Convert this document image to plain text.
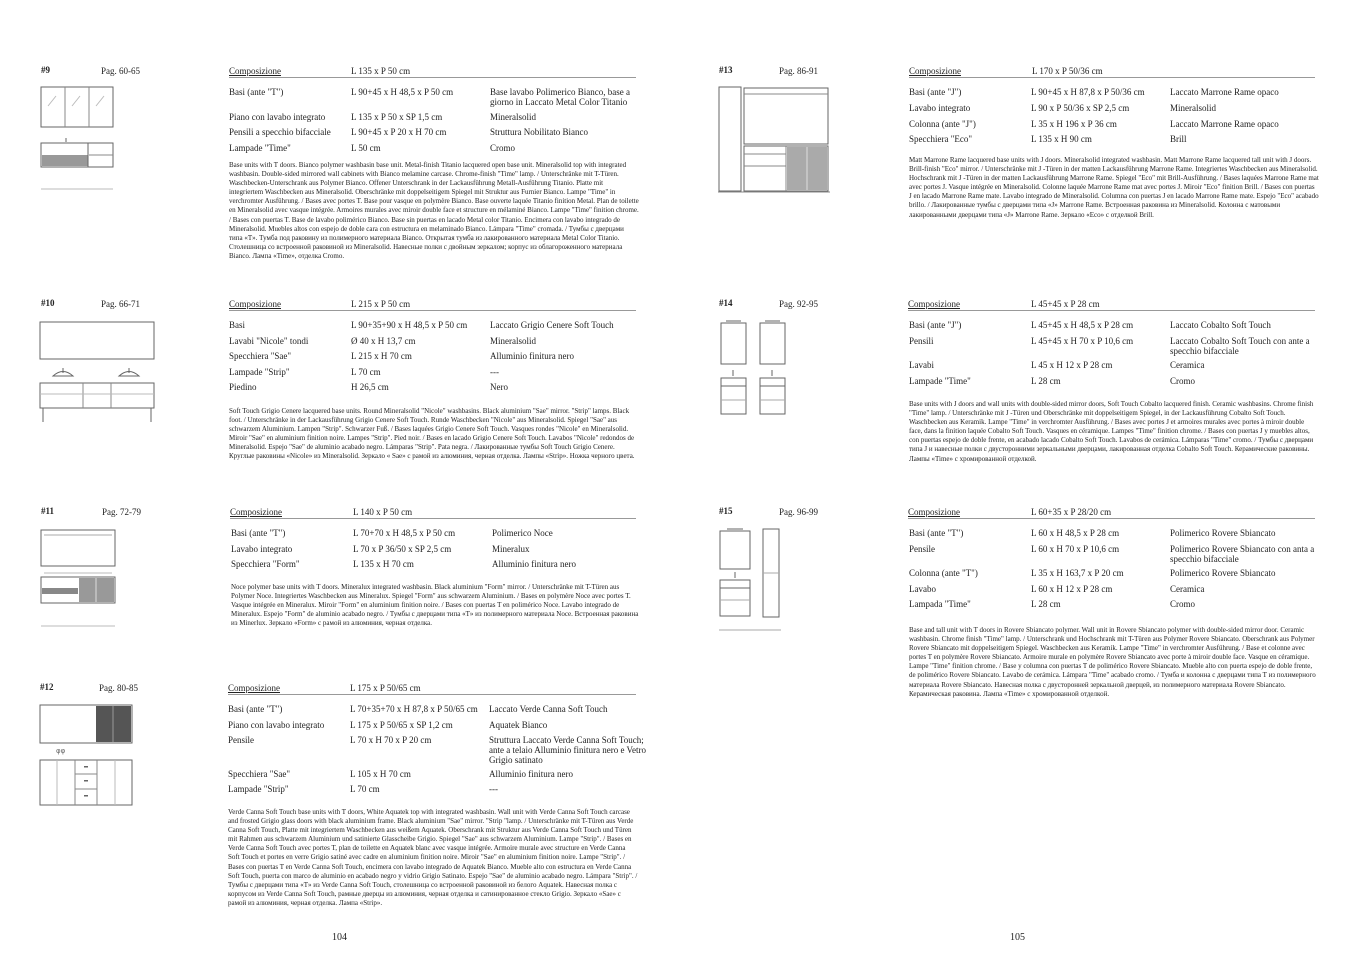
#9	Pag. 60-65	Composizione	L 135 x P 50 cm
Basi (ante "T")	L 90+45 x H 48,5 x P 50 cm	Base lavabo Polimerico Bianco, base a giorno in Laccato Metal Color Titanio
Piano con lavabo integrato	L 135 x P 50 x SP 1,5 cm	Mineralsolid
Pensili a specchio bifacciale	L 90+45 x P 20 x H 70 cm	Struttura Nobilitato Bianco
Lampade "Time"	L 50 cm	Cromo
Base units with T doors. Bianco polymer washbasin base unit. Metal-finish Titanio lacquered open base unit. Mineralsolid top with integrated washbasin. Double-sided mirrored wall cabinets with Bianco melamine carcase. Chrome-finish "Time" lamp. / Unterschränke mit T-Türen. Waschbecken-Unterschrank aus Polymer Bianco. Offener Unterschrank in der Lackausführung Metall-Ausführung Titanio. Platte mit integriertem Waschbecken aus Mineralsolid. Oberschränke mit doppelseitigem Spiegel mit Struktur aus Furnier Bianco. Lampe "Time" in verchromter Ausführung. / Bases avec portes T. Base pour vasque en polymère Bianco. Base ouverte laquée Titanio finition Metal. Plan de toilette en Mineralsolid avec vasque intégrée. Armoires murales avec miroir double face et structure en mélaminé Bianco. Lampe "Time" finition chrome. / Bases con puertas T. Base de lavabo polimérico Bianco. Base sin puertas en lacado Metal color Titanio. Encimera con lavabo integrado de Mineralsolid. Muebles altos con espejo de doble cara con estructura en melaminado Bianco. Lámpara "Time" cromada. / Тумбы с дверцами типа «T». Тумба под раковину из полимерного материала Bianco. Открытая тумба из лакированного материала Metal Color Titanio. Столешница со встроенной раковиной из Mineralsolid. Навесные полки с двойным зеркалом; корпус из облагороженного материала Bianco. Лампа «Time», отделка Cromo.
#10	Pag. 66-71	Composizione	L 215 x P 50 cm
Basi	L 90+35+90 x H 48,5 x P 50 cm	Laccato Grigio Cenere Soft Touch
Lavabi "Nicole" tondi	Ø 40 x H 13,7 cm	Mineralsolid
Specchiera "Sae"	L 215 x H 70 cm	Alluminio finitura nero
Lampade "Strip"	L 70 cm	---
Piedino	H 26,5 cm	Nero
Soft Touch Grigio Cenere lacquered base units. Round Mineralsolid "Nicole" washbasins. Black aluminium "Sae" mirror. "Strip" lamps. Black foot. / Unterschränke in der Lackausführung Grigio Cenere Soft Touch. Runde Waschbecken "Nicole" aus Mineralsolid. Spiegel "Sae" aus schwarzem Aluminium. Lampen "Strip". Schwarzer Fuß. / Bases laquées Grigio Cenere Soft Touch. Vasques rondes "Nicole" en Mineralsolid. Miroir "Sae" en aluminium finition noire. Lampes "Strip". Pied noir. / Bases en lacado Grigio Cenere Soft Touch. Lavabos "Nicole" redondos de Mineralsolid. Espejo "Sae" de aluminio acabado negro. Lámparas "Strip". Pata negra. / Лакированные тумбы Soft Touch Grigio Cenere. Круглые раковины «Nicole» из Mineralsolid. Зеркало « Sae» с рамой из алюминия, черная отделка. Лампы «Strip». Ножка черного цвета.
#11	Pag. 72-79	Composizione	L 140 x P 50 cm
Basi (ante "T")	L 70+70 x H 48,5 x P 50 cm	Polimerico Noce
Lavabo integrato	L 70 x P 36/50 x SP 2,5 cm	Mineralux
Specchiera "Form"	L 135 x H 70 cm	Alluminio finitura nero
Noce polymer base units with T doors. Mineralux integrated washbasin. Black aluminium "Form" mirror. / Unterschränke mit T-Türen aus Polymer Noce. Integriertes Waschbecken aus Mineralux. Spiegel "Form" aus schwarzem Aluminium. / Bases en polymère Noce avec portes T. Vasque intégrée en Mineralux. Miroir "Form" en aluminium finition noire. / Bases con puertas T en polimérico Noce. Lavabo integrado de Mineralux. Espejo "Form" de aluminio acabado negro. / Тумбы с дверцами типа «T» из полимерного материала Noce. Встроенная раковина из Minerlux. Зеркало «Form» с рамой из алюминия, черная отделка.
#12	Pag. 80-85	Composizione	L 175 x P 50/65 cm
Basi (ante "T")	L 70+35+70 x H 87,8 x P 50/65 cm	Laccato Verde Canna Soft Touch
Piano con lavabo integrato	L 175 x P 50/65 x SP 1,2 cm	Aquatek Bianco
Pensile	L 70 x H 70 x P 20 cm	Struttura Laccato Verde Canna Soft Touch; ante a telaio Alluminio finitura nero e Vetro Grigio satinato
Specchiera "Sae"	L 105 x H 70 cm	Alluminio finitura nero
Lampade "Strip"	L 70 cm	---
Verde Canna Soft Touch base units with T doors, White Aquatek top with integrated washbasin. Wall unit with Verde Canna Soft Touch carcase and frosted Grigio glass doors with black aluminium frame. Black aluminium "Sae" mirror. "Strip "lamp. / Unterschränke mit T-Türen aus Verde Canna Soft Touch, Platte mit integriertem Waschbecken aus weißem Aquatek. Oberschrank mit Struktur aus Verde Canna Soft Touch und Türen mit Rahmen aus schwarzem Aluminium und satinierte Glasscheibe Grigio. Spiegel "Sae" aus schwarzem Aluminium. Lampe "Strip". / Bases en Verde Canna Soft Touch avec portes T, plan de toilette en Aquatek blanc avec vasque intégrée. Armoire murale avec structure en Verde Canna Soft Touch et portes en verre Grigio satiné avec cadre en aluminium finition noire. Miroir "Sae" en aluminium finition noire. Lampe "Strip". / Bases con puertas T en Verde Canna Soft Touch, encimera con lavabo integrado de Aquatek Bianco. Mueble alto con estructura en Verde Canna Soft Touch, puerta con marco de aluminio en acabado negro y vidrio Grigio Satinato. Espejo "Sae" de aluminio acabado negro. Lámpara "Strip". / Тумбы с дверцами типа «T» из Verde Canna Soft Touch, столешница со встроенной раковиной из белого Aquatek. Навесная полка с корпусом из Verde Canna Soft Touch, рамные дверцы из алюминия, черная отделка и сатинированное стекло Grigio. Зеркало «Sae» с рамой из алюминия, черная отделка. Лампа «Strip».
φφ
104
#13	Pag. 86-91	Composizione	L 170 x P 50/36 cm
Basi (ante "J")	L 90+45 x H 87,8 x P 50/36 cm	Laccato Marrone Rame opaco
Lavabo integrato	L 90 x P 50/36 x SP 2,5 cm	Mineralsolid
Colonna (ante "J")	L 35 x H 196 x P 36 cm	Laccato Marrone Rame opaco
Specchiera "Eco"	L 135 x H 90 cm	Brill
Matt Marrone Rame lacquered base units with J doors. Mineralsolid integrated washbasin. Matt Marrone Rame lacquered tall unit with J doors. Brill-finish "Eco" mirror. / Unterschränke mit J -Türen in der matten Lackausführung Marrone Rame. Integriertes Waschbecken aus Mineralsolid. Hochschrank mit J -Türen in der matten Lackausführung Marrone Rame. Spiegel "Eco" mit Brill-Ausführung. / Bases laquées Marrone Rame mat avec portes J. Vasque intégrée en Mineralsolid. Colonne laquée Marrone Rame mat avec portes J. Miroir "Eco" finition Brill. / Bases con puertas J en lacado Marrone Rame mate. Lavabo integrado de Mineralsolid. Columna con puertas J en lacado Marrone Rame mate. Espejo "Eco" acabado brillo. / Лакированные тумбы с дверцами типа «J» Marrone Rame. Встроенная раковина из Mineralsolid. Колонна с матовыми лакированными дверцами типа «J» Marrone Rame. Зеркало «Eco» с отделкой Brill.
#14	Pag. 92-95	Composizione	L 45+45 x P 28 cm
Basi (ante "J")	L 45+45 x H 48,5 x P 28 cm	Laccato Cobalto Soft Touch
Pensili	L 45+45 x H 70 x P 10,6 cm	Laccato Cobalto Soft Touch con ante a specchio bifacciale
Lavabi	L 45 x H 12 x P 28 cm	Ceramica
Lampade "Time"	L 28 cm	Cromo
Base units with J doors and wall units with double-sided mirror doors, Soft Touch Cobalto lacquered finish. Ceramic washbasins. Chrome finish "Time" lamp. / Unterschränke mit J -Türen und Oberschränke mit doppelseitigem Spiegel, in der Lackausführung Cobalto Soft Touch. Waschbecken aus Keramik. Lampe "Time" in verchromter Ausführung. / Bases avec portes J et armoires murales avec portes à miroir double face, dans la finition laquée Cobalto Soft Touch. Vasques en céramique. Lampes "Time" finition chrome. / Bases con puertas J y muebles altos, con puertas espejo de doble frente, en acabado lacado Cobalto Soft Touch. Lavabos de cerámica. Lámparas "Time" cromo. / Тумбы с дверцами типа J и навесные полки с двусторонними зеркальными дверцами, лакированная отделка Cobalto Soft Touch. Керамические раковины. Лампы «Time» с хромированной отделкой.
#15	Pag. 96-99	Composizione	L 60+35 x P 28/20 cm
Basi (ante "T")	L 60 x H 48,5 x P 28 cm	Polimerico Rovere Sbiancato
Pensile	L 60 x H 70 x P 10,6 cm	Polimerico Rovere Sbiancato con anta a specchio bifacciale
Colonna (ante "T")	L 35 x H 163,7 x P 20 cm	Polimerico Rovere Sbiancato
Lavabo	L 60 x H 12 x P 28 cm	Ceramica
Lampada "Time"	L 28 cm	Cromo
Base and tall unit with T doors in Rovere Sbiancato polymer. Wall unit in Rovere Sbiancato polymer with double-sided mirror door. Ceramic washbasin. Chrome finish "Time" lamp. / Unterschrank und Hochschrank mit T-Türen aus Polymer Rovere Sbiancato. Oberschrank aus Polymer Rovere Sbiancato mit doppelseitigem Spiegel. Waschbecken aus Keramik. Lampe "Time" in verchromter Ausführung. / Base et colonne avec portes T en polymère Rovere Sbiancato. Armoire murale en polymère Rovere Sbiancato avec porte à miroir double face. Vasque en céramique. Lampe "Time" finition chrome. / Base y columna con puertas T de polimérico Rovere Sbiancato. Mueble alto con puerta espejo de doble frente, de polimérico Rovere Sbiancato. Lavabo de cerámica. Lámpara "Time" acabado cromo. / Тумба и колонна с дверцами типа T из полимерного материала Rovere Sbiancato. Навесная полка с двусторонней зеркальной дверцей, из полимерного материала Rovere Sbiancato. Керамическая раковина. Лампа «Time» с хромированной отделкой.
105
